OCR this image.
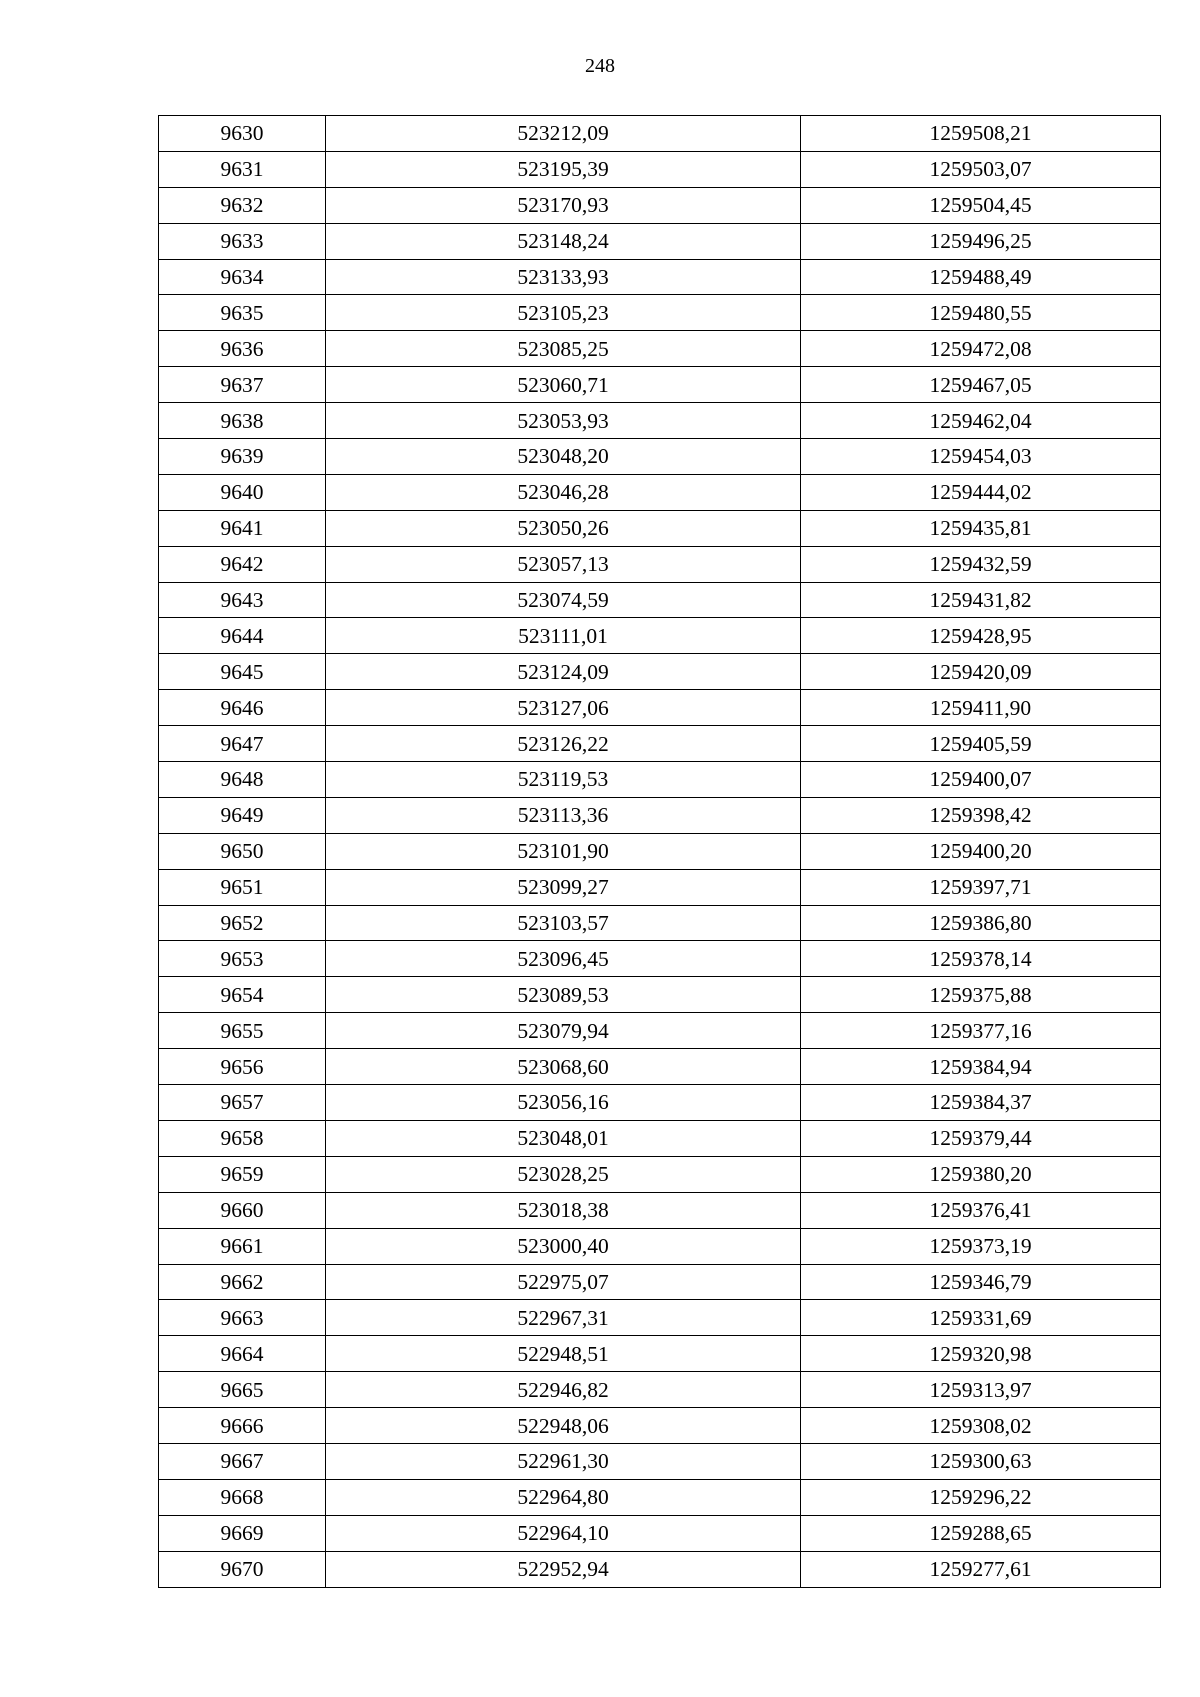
248
9630	523212,09	1259508,21
9631	523195,39	1259503,07
9632	523170,93	1259504,45
9633	523148,24	1259496,25
9634	523133,93	1259488,49
9635	523105,23	1259480,55
9636	523085,25	1259472,08
9637	523060,71	1259467,05
9638	523053,93	1259462,04
9639	523048,20	1259454,03
9640	523046,28	1259444,02
9641	523050,26	1259435,81
9642	523057,13	1259432,59
9643	523074,59	1259431,82
9644	523111,01	1259428,95
9645	523124,09	1259420,09
9646	523127,06	1259411,90
9647	523126,22	1259405,59
9648	523119,53	1259400,07
9649	523113,36	1259398,42
9650	523101,90	1259400,20
9651	523099,27	1259397,71
9652	523103,57	1259386,80
9653	523096,45	1259378,14
9654	523089,53	1259375,88
9655	523079,94	1259377,16
9656	523068,60	1259384,94
9657	523056,16	1259384,37
9658	523048,01	1259379,44
9659	523028,25	1259380,20
9660	523018,38	1259376,41
9661	523000,40	1259373,19
9662	522975,07	1259346,79
9663	522967,31	1259331,69
9664	522948,51	1259320,98
9665	522946,82	1259313,97
9666	522948,06	1259308,02
9667	522961,30	1259300,63
9668	522964,80	1259296,22
9669	522964,10	1259288,65
9670	522952,94	1259277,61
